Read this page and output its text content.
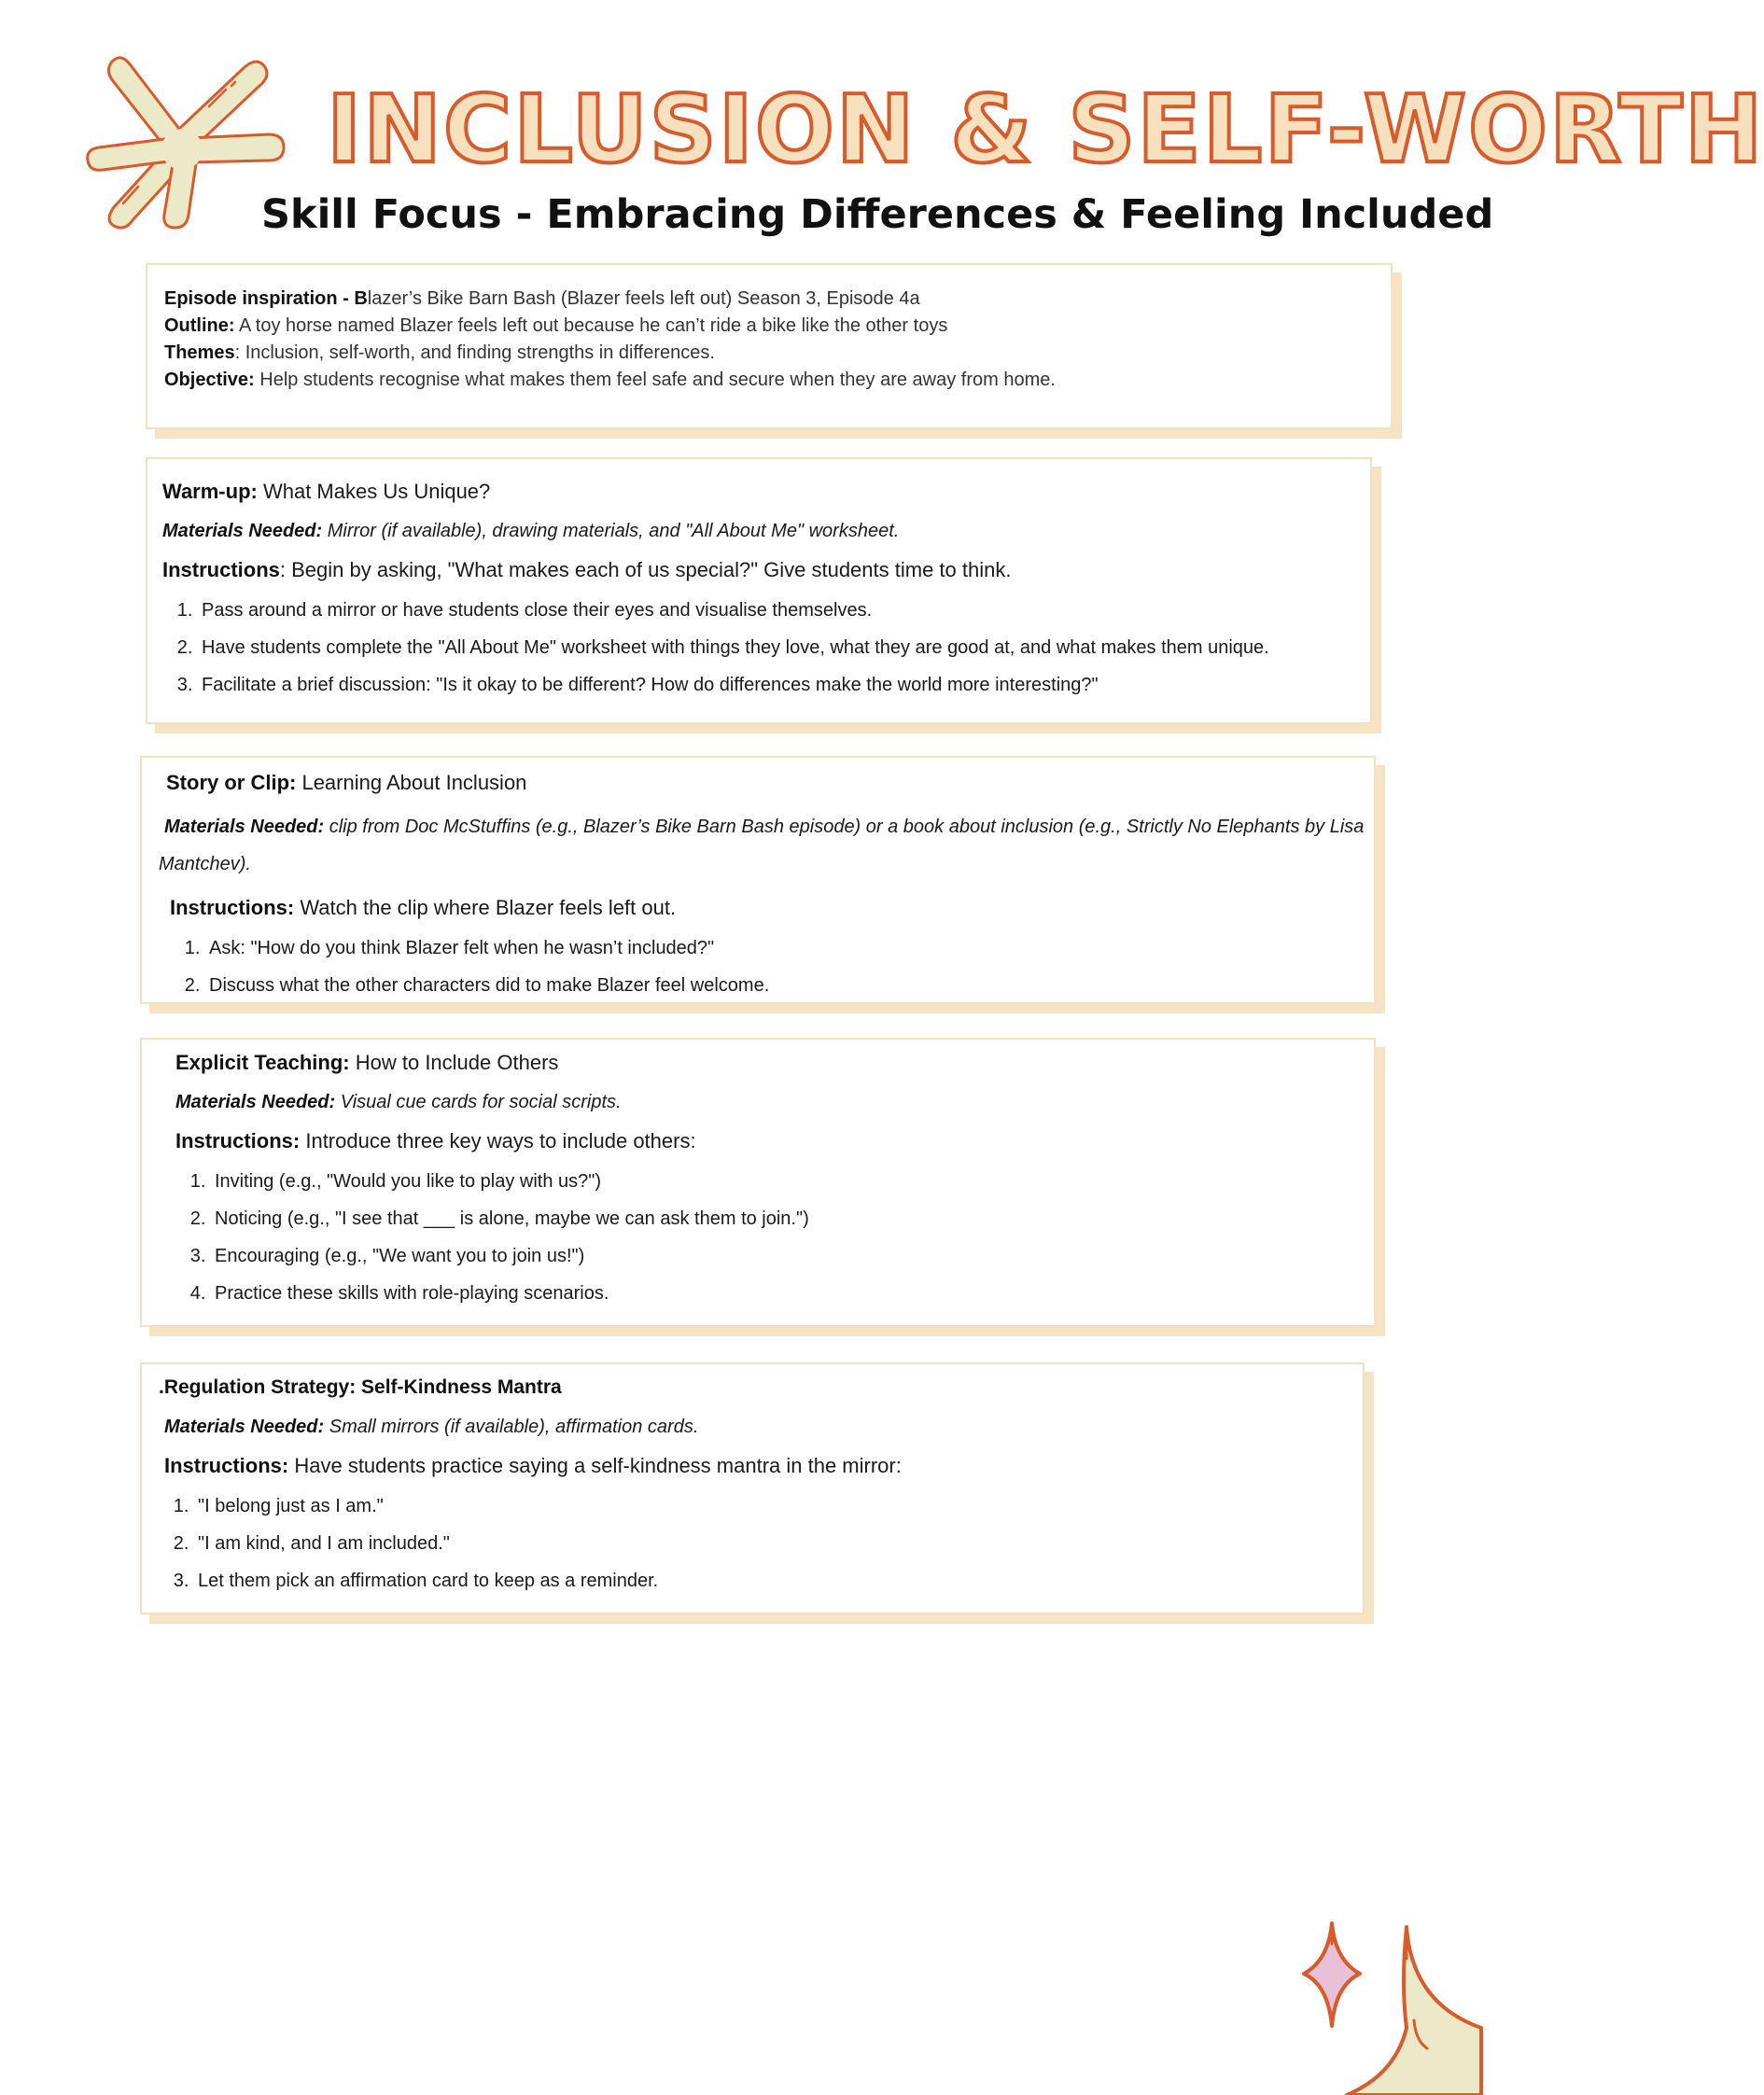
INCLUSION & SELF-WORTH
Skill Focus - Embracing Differences & Feeling Included

Episode inspiration - Blazer’s Bike Barn Bash (Blazer feels left out) Season 3, Episode 4a

Outline: A toy horse named Blazer feels left out because he can’t ride a bike like the other toys

Themes: Inclusion, self-worth, and finding strengths in differences.

Objective: Help students recognise what makes them feel safe and secure when they are away from home.

Warm-up: What Makes Us Unique?

Materials Needed: Mirror (if available), drawing materials, and "All About Me" worksheet.

Instructions: Begin by asking, "What makes each of us special?" Give students time to think.

1. Pass around a mirror or have students close their eyes and visualise themselves.
2. Have students complete the "All About Me" worksheet with things they love, what they are good at, and what makes them unique.
3. Facilitate a brief discussion: "Is it okay to be different? How do differences make the world more interesting?"

Story or Clip: Learning About Inclusion

Materials Needed: clip from Doc McStuffins (e.g., Blazer’s Bike Barn Bash episode) or a book about inclusion (e.g., Strictly No Elephants by Lisa Mantchev).

Instructions: Watch the clip where Blazer feels left out.

1. Ask: "How do you think Blazer felt when he wasn’t included?"
2. Discuss what the other characters did to make Blazer feel welcome.

Explicit Teaching: How to Include Others

Materials Needed: Visual cue cards for social scripts.

Instructions: Introduce three key ways to include others:

1. Inviting (e.g., "Would you like to play with us?")
2. Noticing (e.g., "I see that ___ is alone, maybe we can ask them to join.")
3. Encouraging (e.g., "We want you to join us!")
4. Practice these skills with role-playing scenarios.

.Regulation Strategy: Self-Kindness Mantra

Materials Needed: Small mirrors (if available), affirmation cards.

Instructions: Have students practice saying a self-kindness mantra in the mirror:

1. "I belong just as I am."
2. "I am kind, and I am included."
3. Let them pick an affirmation card to keep as a reminder.
